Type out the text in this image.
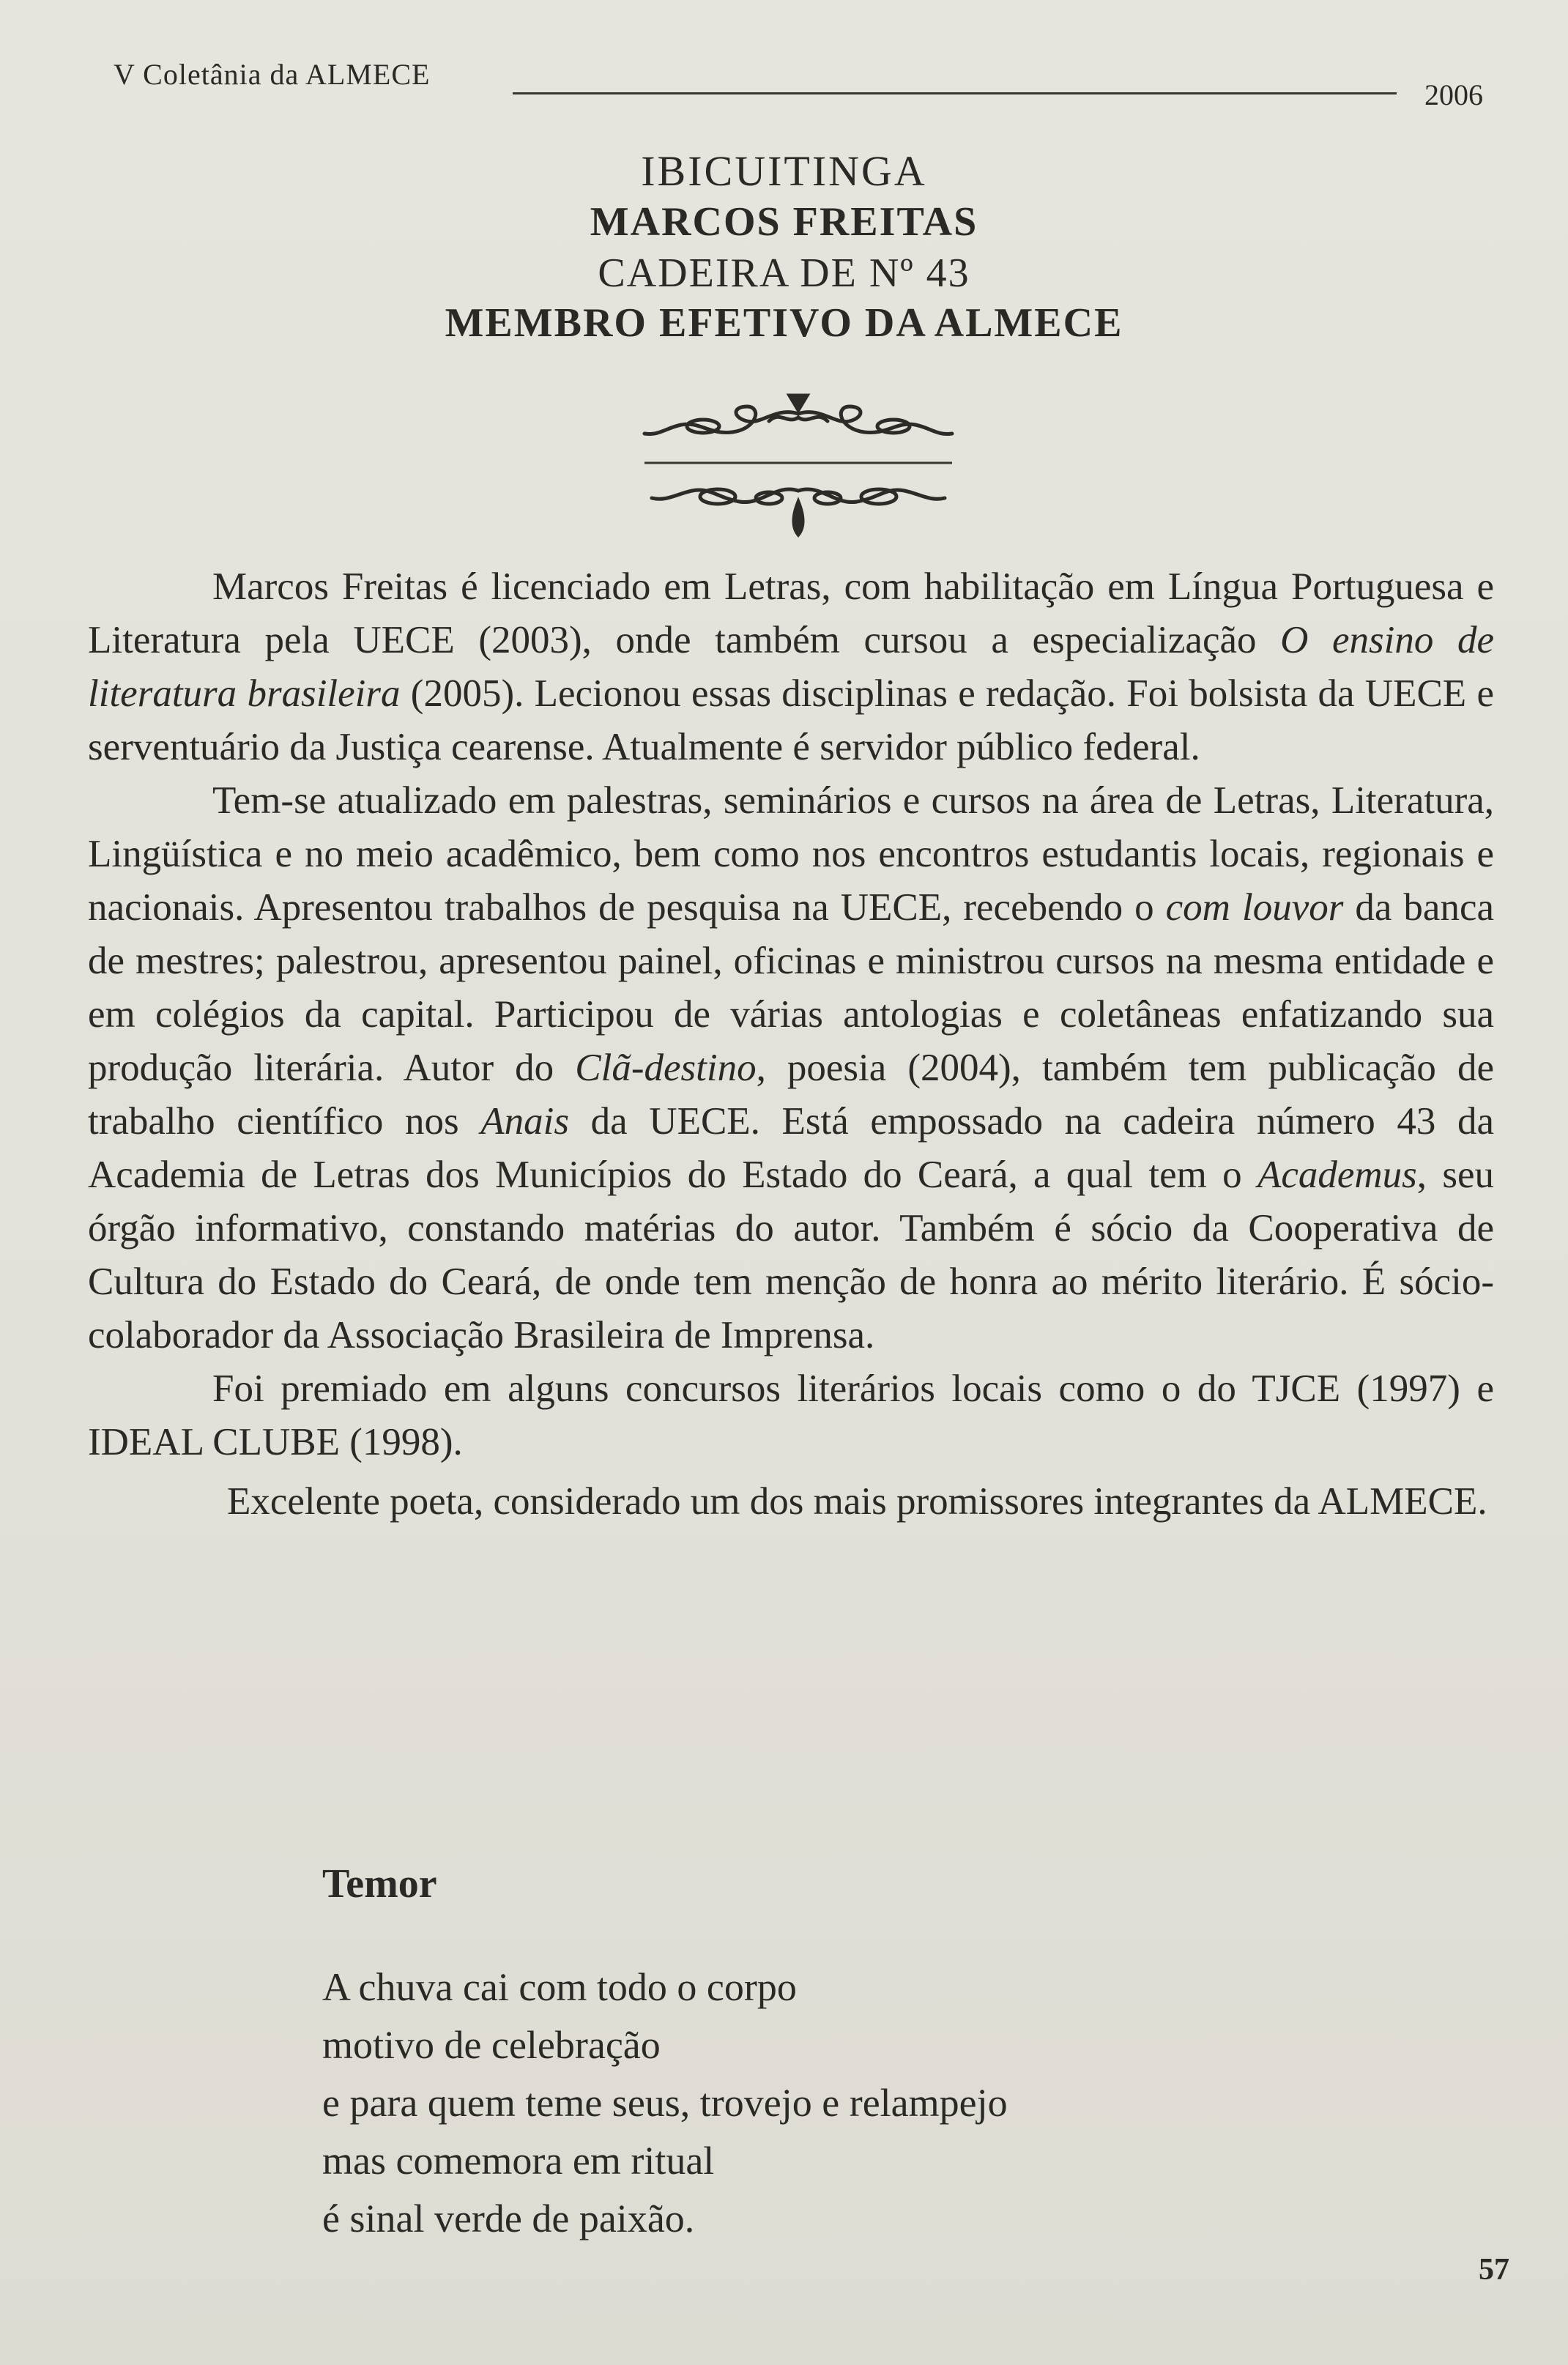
V Coletânia da ALMECE
2006
IBICUITINGA
MARCOS FREITAS
CADEIRA DE Nº 43
MEMBRO EFETIVO DA ALMECE

Marcos Freitas é licenciado em Letras, com habilitação em Língua Portuguesa e Literatura pela UECE (2003), onde também cursou a especialização O ensino de literatura brasileira (2005). Lecionou essas disciplinas e redação. Foi bolsista da UECE e serventuário da Justiça cearense. Atualmente é servidor público federal.

Tem-se atualizado em palestras, seminários e cursos na área de Letras, Literatura, Lingüística e no meio acadêmico, bem como nos encontros estudantis locais, regionais e nacionais. Apresentou trabalhos de pesquisa na UECE, recebendo o com louvor da banca de mestres; palestrou, apresentou painel, oficinas e ministrou cursos na mesma entidade e em colégios da capital. Participou de várias antologias e coletâneas enfatizando sua produção literária. Autor do Clã-destino, poesia (2004), também tem publicação de trabalho científico nos Anais da UECE. Está empossado na cadeira número 43 da Academia de Letras dos Municípios do Estado do Ceará, a qual tem o Academus, seu órgão informativo, constando matérias do autor. Também é sócio da Cooperativa de Cultura do Estado do Ceará, de onde tem menção de honra ao mérito literário. É sócio-colaborador da Associação Brasileira de Imprensa.

Foi premiado em alguns concursos literários locais como o do TJCE (1997) e IDEAL CLUBE (1998).

Excelente poeta, considerado um dos mais promissores integrantes da ALMECE.

Temor
A chuva cai com todo o corpo
motivo de celebração
e para quem teme seus, trovejo e relampejo
mas comemora em ritual
é sinal verde de paixão.
57
